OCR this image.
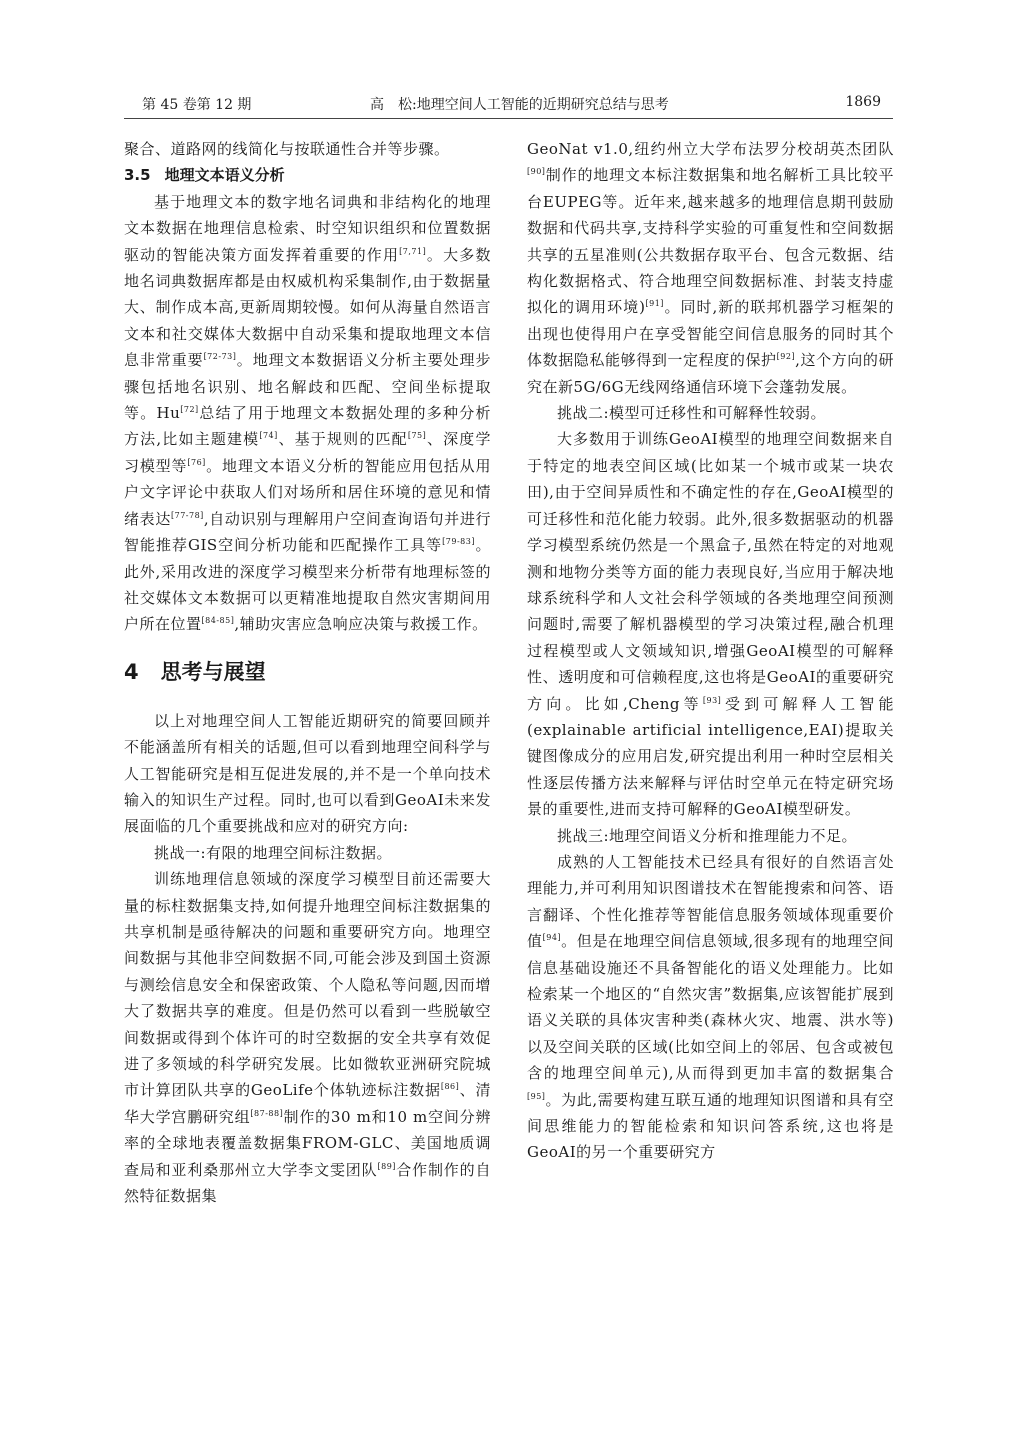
第 45 卷第 12 期	高　松:地理空间人工智能的近期研究总结与思考	1869

聚合、道路网的线简化与按联通性合并等步骤。

3.5 地理文本语义分析

基于地理文本的数字地名词典和非结构化的地理文本数据在地理信息检索、时空知识组织和位置数据驱动的智能决策方面发挥着重要的作用[7,71]。大多数地名词典数据库都是由权威机构采集制作,由于数据量大、制作成本高,更新周期较慢。如何从海量自然语言文本和社交媒体大数据中自动采集和提取地理文本信息非常重要[72-73]。地理文本数据语义分析主要处理步骤包括地名识别、地名解歧和匹配、空间坐标提取等。Hu[72]总结了用于地理文本数据处理的多种分析方法,比如主题建模[74]、基于规则的匹配[75]、深度学习模型等[76]。地理文本语义分析的智能应用包括从用户文字评论中获取人们对场所和居住环境的意见和情绪表达[77-78],自动识别与理解用户空间查询语句并进行智能推荐GIS空间分析功能和匹配操作工具等[79-83]。此外,采用改进的深度学习模型来分析带有地理标签的社交媒体文本数据可以更精准地提取自然灾害期间用户所在位置[84-85],辅助灾害应急响应决策与救援工作。

4 思考与展望

以上对地理空间人工智能近期研究的简要回顾并不能涵盖所有相关的话题,但可以看到地理空间科学与人工智能研究是相互促进发展的,并不是一个单向技术输入的知识生产过程。同时,也可以看到GeoAI未来发展面临的几个重要挑战和应对的研究方向:

挑战一:有限的地理空间标注数据。

训练地理信息领域的深度学习模型目前还需要大量的标柱数据集支持,如何提升地理空间标注数据集的共享机制是亟待解决的问题和重要研究方向。地理空间数据与其他非空间数据不同,可能会涉及到国土资源与测绘信息安全和保密政策、个人隐私等问题,因而增大了数据共享的难度。但是仍然可以看到一些脱敏空间数据或得到个体许可的时空数据的安全共享有效促进了多领域的科学研究发展。比如微软亚洲研究院城市计算团队共享的GeoLife个体轨迹标注数据[86]、清华大学宫鹏研究组[87-88]制作的30 m和10 m空间分辨率的全球地表覆盖数据集FROM-GLC、美国地质调查局和亚利桑那州立大学李文雯团队[89]合作制作的自然特征数据集

GeoNat v1.0,纽约州立大学布法罗分校胡英杰团队[90]制作的地理文本标注数据集和地名解析工具比较平台EUPEG等。近年来,越来越多的地理信息期刊鼓励数据和代码共享,支持科学实验的可重复性和空间数据共享的五星准则(公共数据存取平台、包含元数据、结构化数据格式、符合地理空间数据标准、封装支持虚拟化的调用环境)[91]。同时,新的联邦机器学习框架的出现也使得用户在享受智能空间信息服务的同时其个体数据隐私能够得到一定程度的保护[92],这个方向的研究在新5G/6G无线网络通信环境下会蓬勃发展。

挑战二:模型可迁移性和可解释性较弱。

大多数用于训练GeoAI模型的地理空间数据来自于特定的地表空间区域(比如某一个城市或某一块农田),由于空间异质性和不确定性的存在,GeoAI模型的可迁移性和范化能力较弱。此外,很多数据驱动的机器学习模型系统仍然是一个黑盒子,虽然在特定的对地观测和地物分类等方面的能力表现良好,当应用于解决地球系统科学和人文社会科学领域的各类地理空间预测问题时,需要了解机器模型的学习决策过程,融合机理过程模型或人文领域知识,增强GeoAI模型的可解释性、透明度和可信赖程度,这也将是GeoAI的重要研究方向。比如,Cheng等[93]受到可解释人工智能(explainable artificial intelligence,EAI)提取关键图像成分的应用启发,研究提出利用一种时空层相关性逐层传播方法来解释与评估时空单元在特定研究场景的重要性,进而支持可解释的GeoAI模型研发。

挑战三:地理空间语义分析和推理能力不足。

成熟的人工智能技术已经具有很好的自然语言处理能力,并可利用知识图谱技术在智能搜索和问答、语言翻译、个性化推荐等智能信息服务领域体现重要价值[94]。但是在地理空间信息领域,很多现有的地理空间信息基础设施还不具备智能化的语义处理能力。比如检索某一个地区的“自然灾害”数据集,应该智能扩展到语义关联的具体灾害种类(森林火灾、地震、洪水等)以及空间关联的区域(比如空间上的邻居、包含或被包含的地理空间单元),从而得到更加丰富的数据集合[95]。为此,需要构建互联互通的地理知识图谱和具有空间思维能力的智能检索和知识问答系统,这也将是GeoAI的另一个重要研究方
